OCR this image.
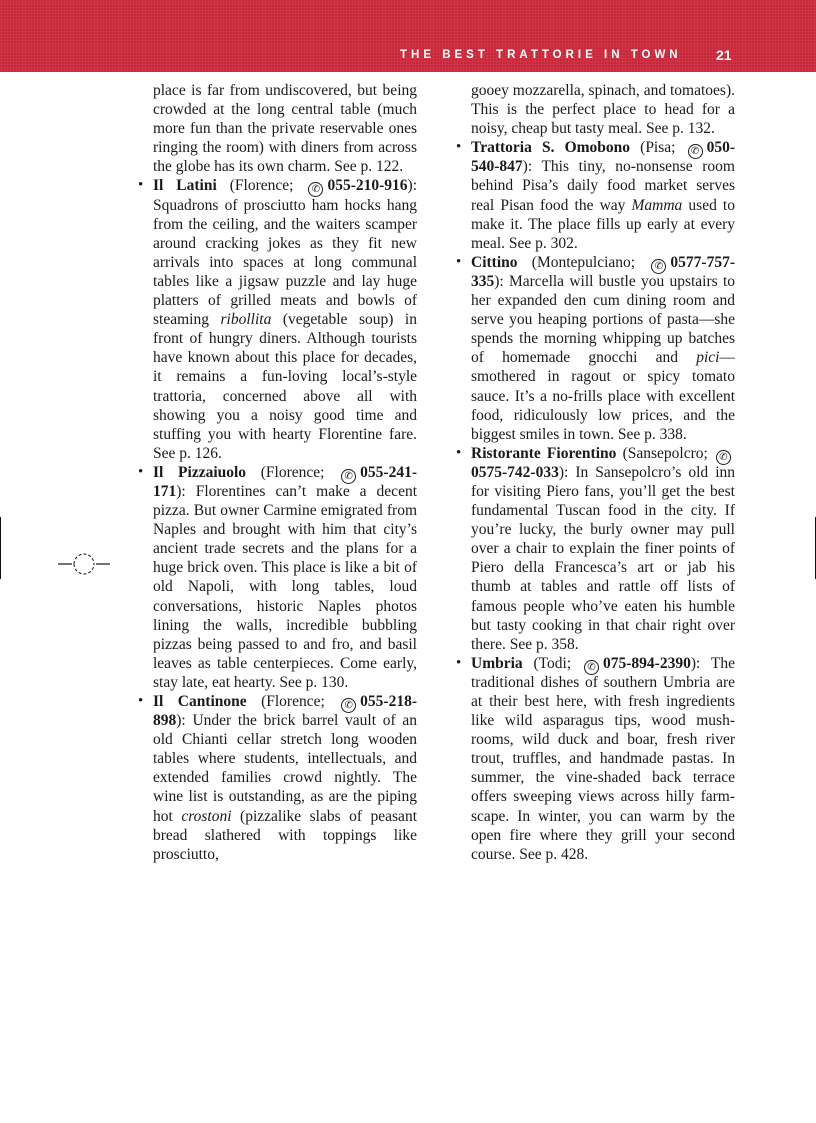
THE BEST TRATTORIE IN TOWN 21

place is far from undiscovered, but being crowded at the long central table (much more fun than the private reservable ones ringing the room) with diners from across the globe has its own charm. See p. 122.

• Il Latini (Florence; ✆ 055-210-916): Squadrons of prosciutto ham hocks hang from the ceiling, and the waiters scamper around cracking jokes as they fit new arrivals into spaces at long communal tables like a jigsaw puzzle and lay huge platters of grilled meats and bowls of steaming ribollita (vegetable soup) in front of hungry diners. Although tourists have known about this place for decades, it remains a fun-loving local’s-style trattoria, concerned above all with showing you a noisy good time and stuffing you with hearty Florentine fare. See p. 126.

• Il Pizzaiuolo (Florence; ✆ 055-241-171): Florentines can’t make a decent pizza. But owner Carmine emigrated from Naples and brought with him that city’s ancient trade secrets and the plans for a huge brick oven. This place is like a bit of old Napoli, with long tables, loud conversations, historic Naples photos lining the walls, incredible bubbling pizzas being passed to and fro, and basil leaves as table centerpieces. Come early, stay late, eat hearty. See p. 130.

• Il Cantinone (Florence; ✆ 055-218-898): Under the brick barrel vault of an old Chianti cellar stretch long wooden tables where students, intellectuals, and extended families crowd nightly. The wine list is outstanding, as are the piping hot crostoni (pizzalike slabs of peasant bread slathered with toppings like prosciutto,

gooey mozzarella, spinach, and tomatoes). This is the perfect place to head for a noisy, cheap but tasty meal. See p. 132.

• Trattoria S. Omobono (Pisa; ✆ 050-540-847): This tiny, no-nonsense room behind Pisa’s daily food market serves real Pisan food the way Mamma used to make it. The place fills up early at every meal. See p. 302.

• Cittino (Montepulciano; ✆ 0577-757-335): Marcella will bustle you upstairs to her expanded den cum dining room and serve you heaping portions of pasta—she spends the morning whipping up batches of homemade gnocchi and pici—smothered in ragout or spicy tomato sauce. It’s a no-frills place with excellent food, ridiculously low prices, and the biggest smiles in town. See p. 338.

• Ristorante Fiorentino (Sansepolcro; ✆0575-742-033): In Sansepolcro’s old inn for visiting Piero fans, you’ll get the best fundamental Tuscan food in the city. If you’re lucky, the burly owner may pull over a chair to explain the finer points of Piero della Francesca’s art or jab his thumb at tables and rattle off lists of famous people who’ve eaten his humble but tasty cooking in that chair right over there. See p. 358.

• Umbria (Todi; ✆ 075-894-2390): The traditional dishes of southern Umbria are at their best here, with fresh ingredients like wild asparagus tips, wood mushrooms, wild duck and boar, fresh river trout, truffles, and handmade pastas. In summer, the vine-shaded back terrace offers sweeping views across hilly farmscape. In winter, you can warm by the open fire where they grill your second course. See p. 428.
